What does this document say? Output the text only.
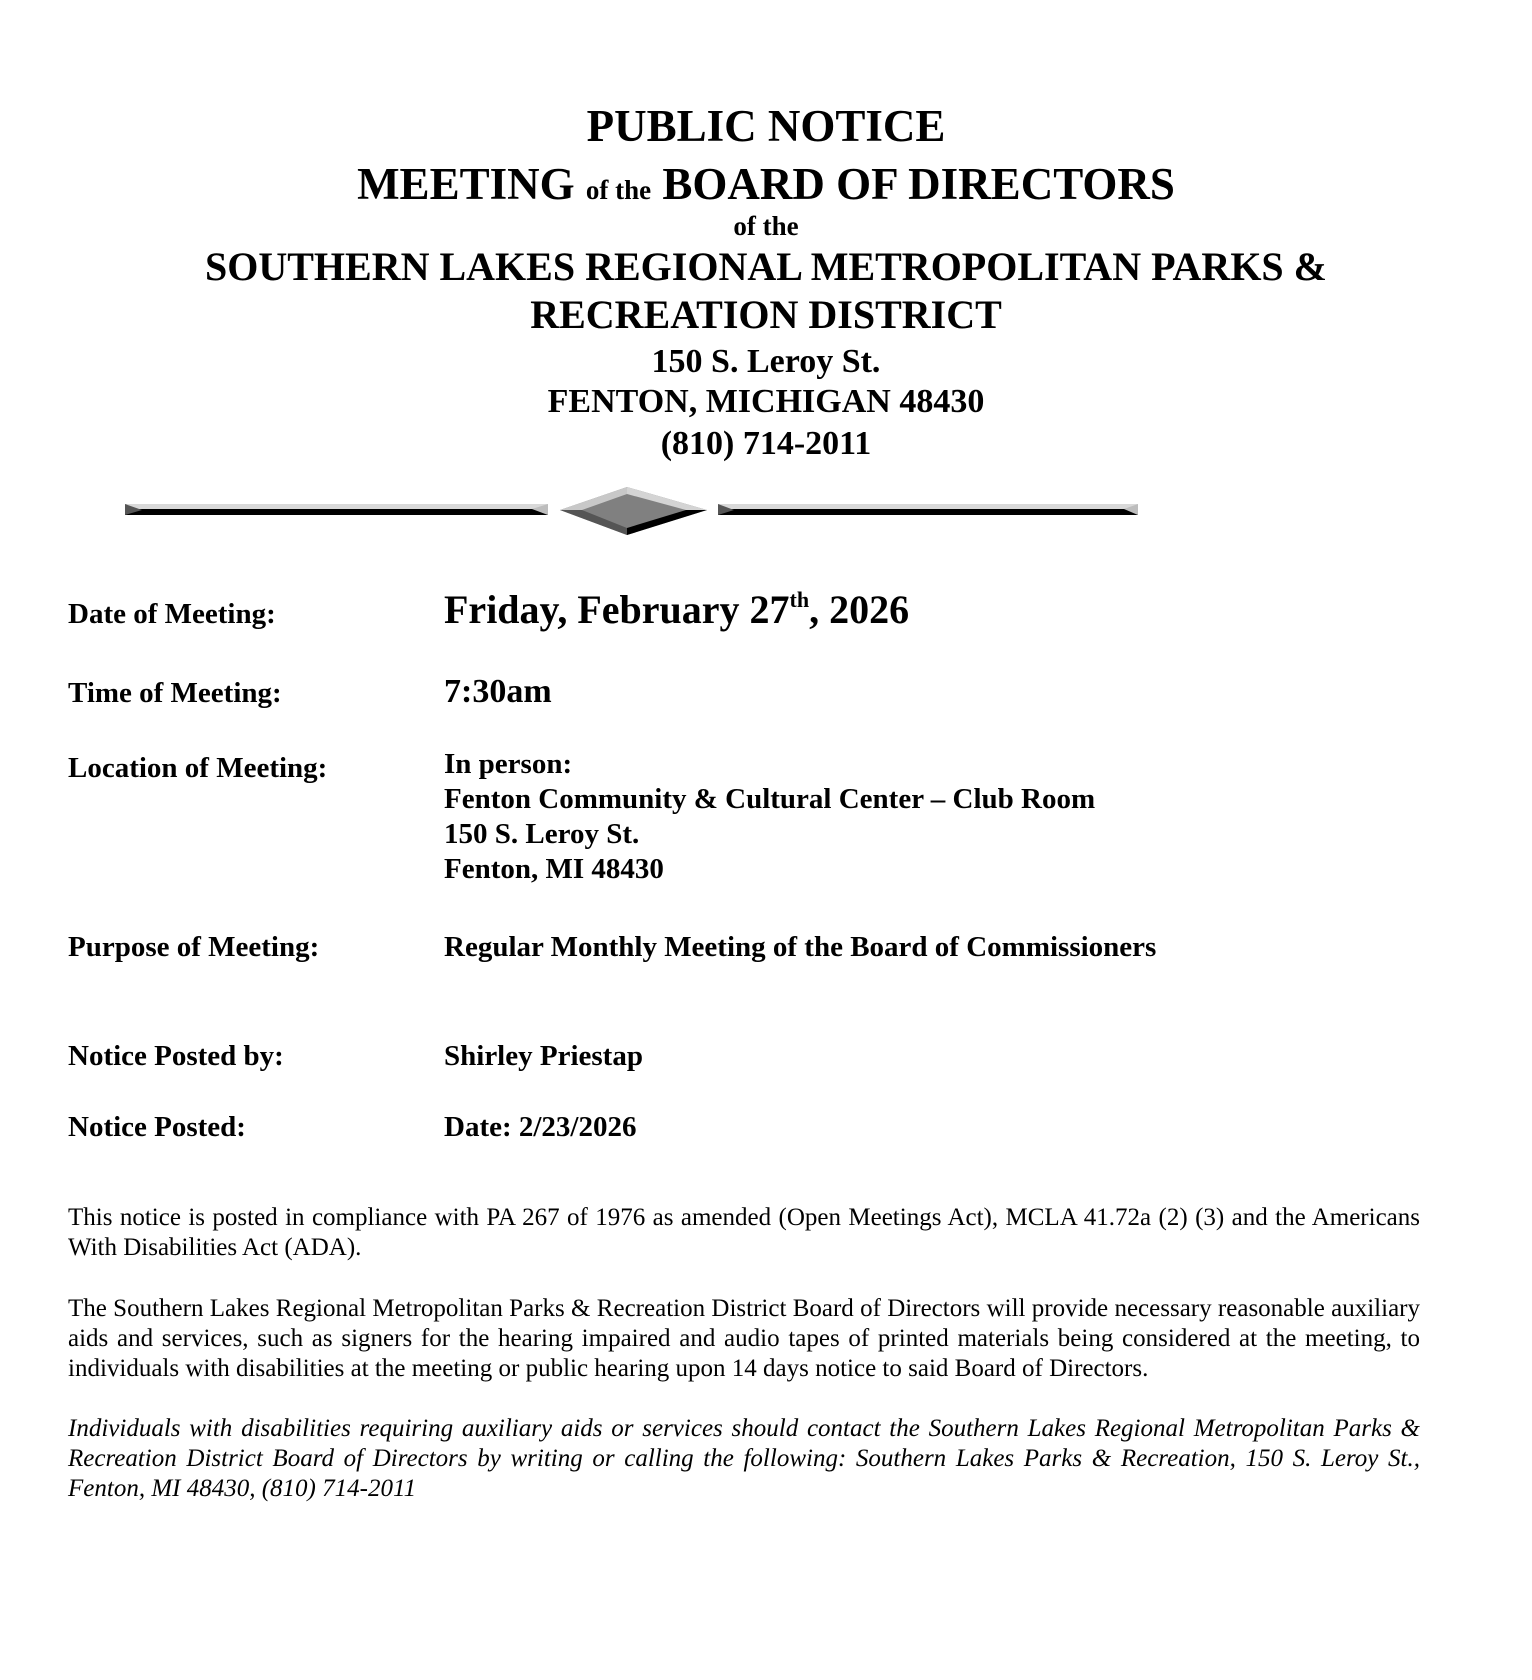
PUBLIC NOTICE
MEETING of the BOARD OF DIRECTORS
of the
SOUTHERN LAKES REGIONAL METROPOLITAN PARKS &
RECREATION DISTRICT
150 S. Leroy St.
FENTON, MICHIGAN 48430
(810) 714-2011
Date of Meeting:	Friday, February 27th, 2026
Time of Meeting:	7:30am
Location of Meeting:	In person:
Fenton Community & Cultural Center – Club Room
150 S. Leroy St.
Fenton, MI 48430
Purpose of Meeting:	Regular Monthly Meeting of the Board of Commissioners
Notice Posted by:	Shirley Priestap
Notice Posted:	Date: 2/23/2026

This notice is posted in compliance with PA 267 of 1976 as amended (Open Meetings Act), MCLA 41.72a (2) (3) and the Americans With Disabilities Act (ADA).

The Southern Lakes Regional Metropolitan Parks & Recreation District Board of Directors will provide necessary reasonable auxiliary aids and services, such as signers for the hearing impaired and audio tapes of printed materials being considered at the meeting, to individuals with disabilities at the meeting or public hearing upon 14 days notice to said Board of Directors.

Individuals with disabilities requiring auxiliary aids or services should contact the Southern Lakes Regional Metropolitan Parks & Recreation District Board of Directors by writing or calling the following: Southern Lakes Parks & Recreation, 150 S. Leroy St., Fenton, MI 48430, (810) 714-2011
